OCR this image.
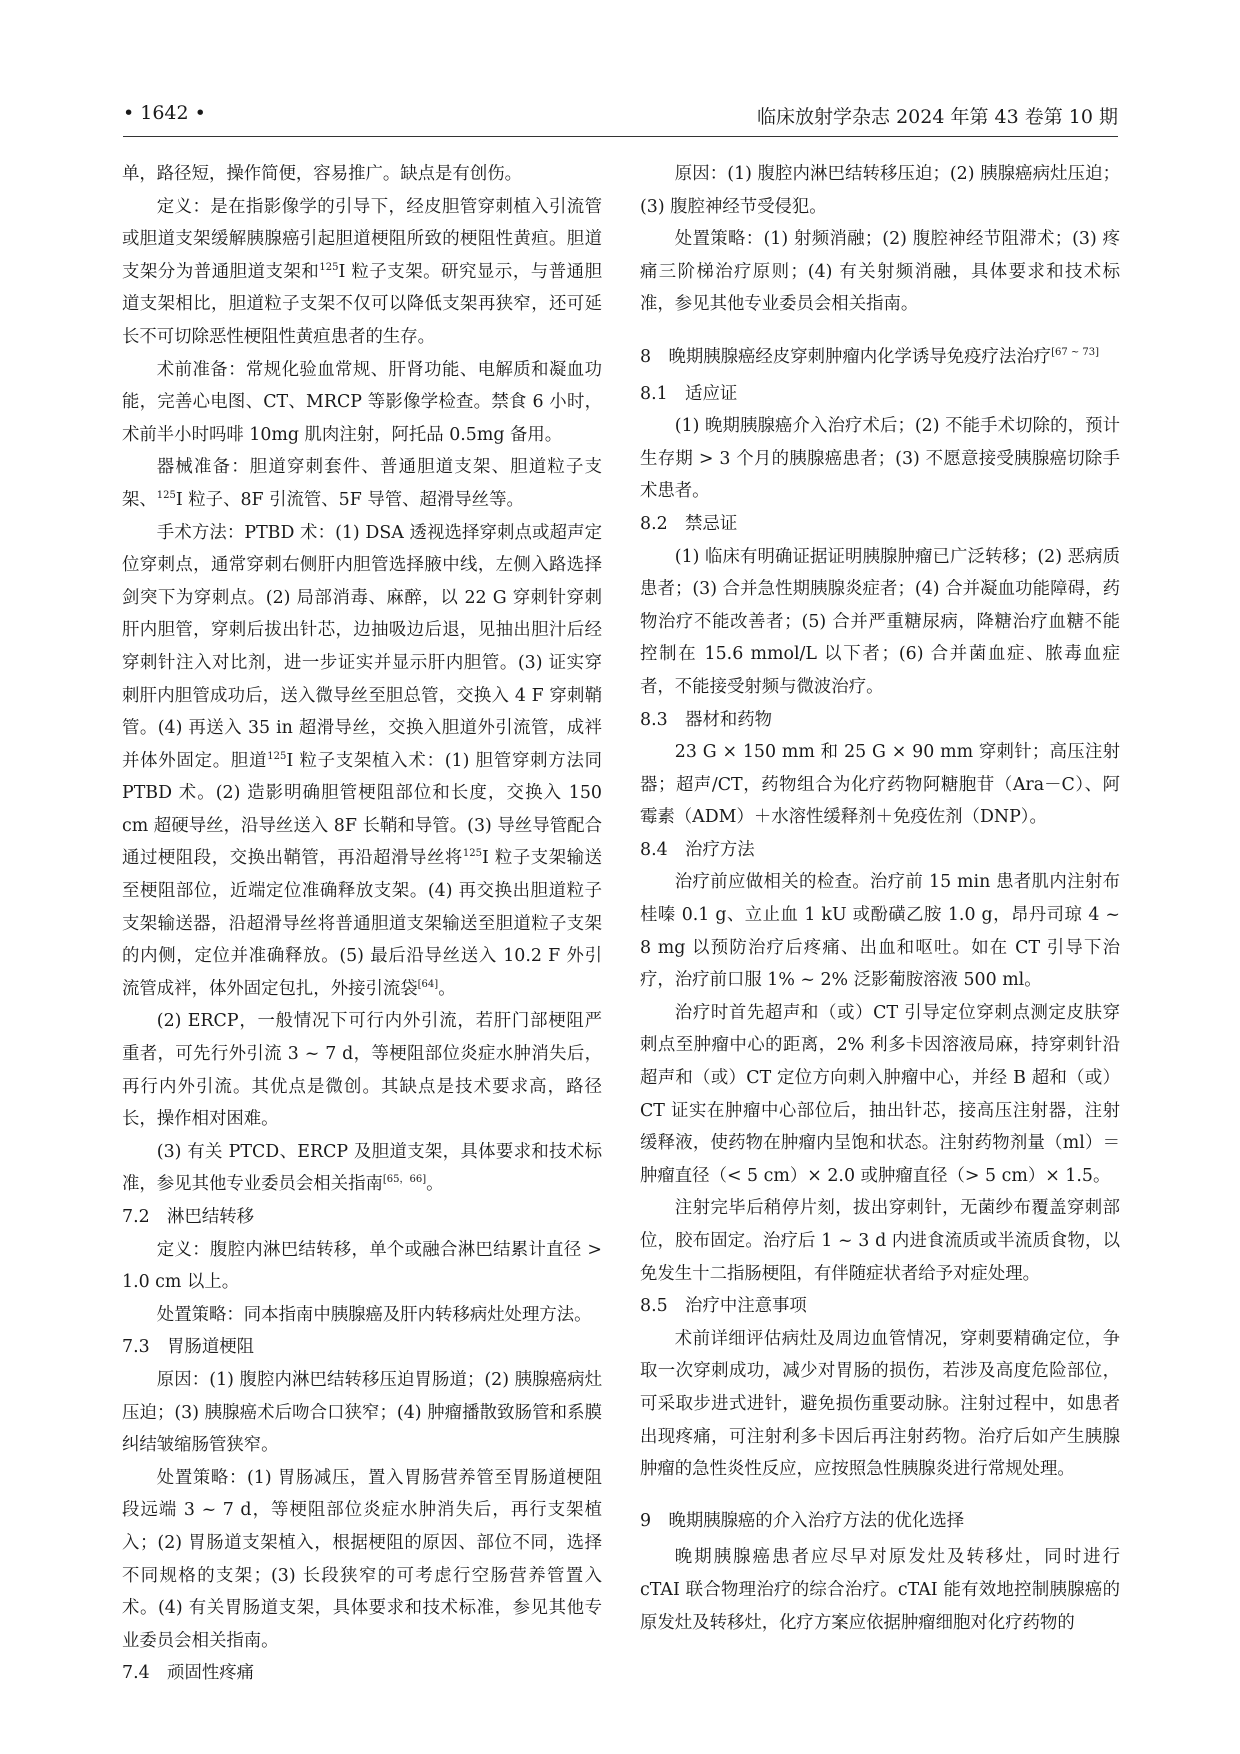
• 1642 •	临床放射学杂志 2024 年第 43 卷第 10 期

单，路径短，操作简便，容易推广。缺点是有创伤。

定义：是在指影像学的引导下，经皮胆管穿刺植入引流管或胆道支架缓解胰腺癌引起胆道梗阻所致的梗阻性黄疸。胆道支架分为普通胆道支架和$^{125}$I 粒子支架。研究显示，与普通胆道支架相比，胆道粒子支架不仅可以降低支架再狭窄，还可延长不可切除恶性梗阻性黄疸患者的生存。

术前准备：常规化验血常规、肝肾功能、电解质和凝血功能，完善心电图、CT、MRCP 等影像学检查。禁食 6 小时，术前半小时吗啡 10mg 肌肉注射，阿托品 0.5mg 备用。

器械准备：胆道穿刺套件、普通胆道支架、胆道粒子支架、$^{125}$I 粒子、8F 引流管、5F 导管、超滑导丝等。

手术方法：PTBD 术：(1) DSA 透视选择穿刺点或超声定位穿刺点，通常穿刺右侧肝内胆管选择腋中线，左侧入路选择剑突下为穿刺点。(2) 局部消毒、麻醉，以 22 G 穿刺针穿刺肝内胆管，穿刺后拔出针芯，边抽吸边后退，见抽出胆汁后经穿刺针注入对比剂，进一步证实并显示肝内胆管。(3) 证实穿刺肝内胆管成功后，送入微导丝至胆总管，交换入 4 F 穿刺鞘管。(4) 再送入 35 in 超滑导丝，交换入胆道外引流管，成袢并体外固定。胆道$^{125}$I 粒子支架植入术：(1) 胆管穿刺方法同 PTBD 术。(2) 造影明确胆管梗阻部位和长度，交换入 150 cm 超硬导丝，沿导丝送入 8F 长鞘和导管。(3) 导丝导管配合通过梗阻段，交换出鞘管，再沿超滑导丝将$^{125}$I 粒子支架输送至梗阻部位，近端定位准确释放支架。(4) 再交换出胆道粒子支架输送器，沿超滑导丝将普通胆道支架输送至胆道粒子支架的内侧，定位并准确释放。(5) 最后沿导丝送入 10.2 F 外引流管成袢，体外固定包扎，外接引流袋[64]。

(2) ERCP，一般情况下可行内外引流，若肝门部梗阻严重者，可先行外引流 3 ~ 7 d，等梗阻部位炎症水肿消失后，再行内外引流。其优点是微创。其缺点是技术要求高，路径长，操作相对困难。

(3) 有关 PTCD、ERCP 及胆道支架，具体要求和技术标准，参见其他专业委员会相关指南[65，66]。

7.2　淋巴结转移

定义：腹腔内淋巴结转移，单个或融合淋巴结累计直径 > 1.0 cm 以上。

处置策略：同本指南中胰腺癌及肝内转移病灶处理方法。

7.3　胃肠道梗阻

原因：(1) 腹腔内淋巴结转移压迫胃肠道；(2) 胰腺癌病灶压迫；(3) 胰腺癌术后吻合口狭窄；(4) 肿瘤播散致肠管和系膜纠结皱缩肠管狭窄。

处置策略：(1) 胃肠减压，置入胃肠营养管至胃肠道梗阻段远端 3 ~ 7 d，等梗阻部位炎症水肿消失后，再行支架植入；(2) 胃肠道支架植入，根据梗阻的原因、部位不同，选择不同规格的支架；(3) 长段狭窄的可考虑行空肠营养管置入术。(4) 有关胃肠道支架，具体要求和技术标准，参见其他专业委员会相关指南。

7.4　顽固性疼痛

原因：(1) 腹腔内淋巴结转移压迫；(2) 胰腺癌病灶压迫；(3) 腹腔神经节受侵犯。

处置策略：(1) 射频消融；(2) 腹腔神经节阻滞术；(3) 疼痛三阶梯治疗原则；(4) 有关射频消融，具体要求和技术标准，参见其他专业委员会相关指南。

8　晚期胰腺癌经皮穿刺肿瘤内化学诱导免疫疗法治疗[67 ~ 73]

8.1　适应证

(1) 晚期胰腺癌介入治疗术后；(2) 不能手术切除的，预计生存期 > 3 个月的胰腺癌患者；(3) 不愿意接受胰腺癌切除手术患者。

8.2　禁忌证

(1) 临床有明确证据证明胰腺肿瘤已广泛转移；(2) 恶病质患者；(3) 合并急性期胰腺炎症者；(4) 合并凝血功能障碍，药物治疗不能改善者；(5) 合并严重糖尿病，降糖治疗血糖不能控制在 15.6 mmol/L 以下者；(6) 合并菌血症、脓毒血症者，不能接受射频与微波治疗。

8.3　器材和药物

23 G × 150 mm 和 25 G × 90 mm 穿刺针；高压注射器；超声/CT，药物组合为化疗药物阿糖胞苷（Ara－C）、阿霉素（ADM）＋水溶性缓释剂＋免疫佐剂（DNP）。

8.4　治疗方法

治疗前应做相关的检查。治疗前 15 min 患者肌内注射布桂嗪 0.1 g、立止血 1 kU 或酚磺乙胺 1.0 g，昂丹司琼 4 ~ 8 mg 以预防治疗后疼痛、出血和呕吐。如在 CT 引导下治疗，治疗前口服 1% ~ 2% 泛影葡胺溶液 500 ml。

治疗时首先超声和（或）CT 引导定位穿刺点测定皮肤穿刺点至肿瘤中心的距离，2% 利多卡因溶液局麻，持穿刺针沿超声和（或）CT 定位方向刺入肿瘤中心，并经 B 超和（或）CT 证实在肿瘤中心部位后，抽出针芯，接高压注射器，注射缓释液，使药物在肿瘤内呈饱和状态。注射药物剂量（ml）＝肿瘤直径（< 5 cm）× 2.0 或肿瘤直径（> 5 cm）× 1.5。

注射完毕后稍停片刻，拔出穿刺针，无菌纱布覆盖穿刺部位，胶布固定。治疗后 1 ~ 3 d 内进食流质或半流质食物，以免发生十二指肠梗阻，有伴随症状者给予对症处理。

8.5　治疗中注意事项

术前详细评估病灶及周边血管情况，穿刺要精确定位，争取一次穿刺成功，减少对胃肠的损伤，若涉及高度危险部位，可采取步进式进针，避免损伤重要动脉。注射过程中，如患者出现疼痛，可注射利多卡因后再注射药物。治疗后如产生胰腺肿瘤的急性炎性反应，应按照急性胰腺炎进行常规处理。

9　晚期胰腺癌的介入治疗方法的优化选择

晚期胰腺癌患者应尽早对原发灶及转移灶，同时进行 cTAI 联合物理治疗的综合治疗。cTAI 能有效地控制胰腺癌的原发灶及转移灶，化疗方案应依据肿瘤细胞对化疗药物的
